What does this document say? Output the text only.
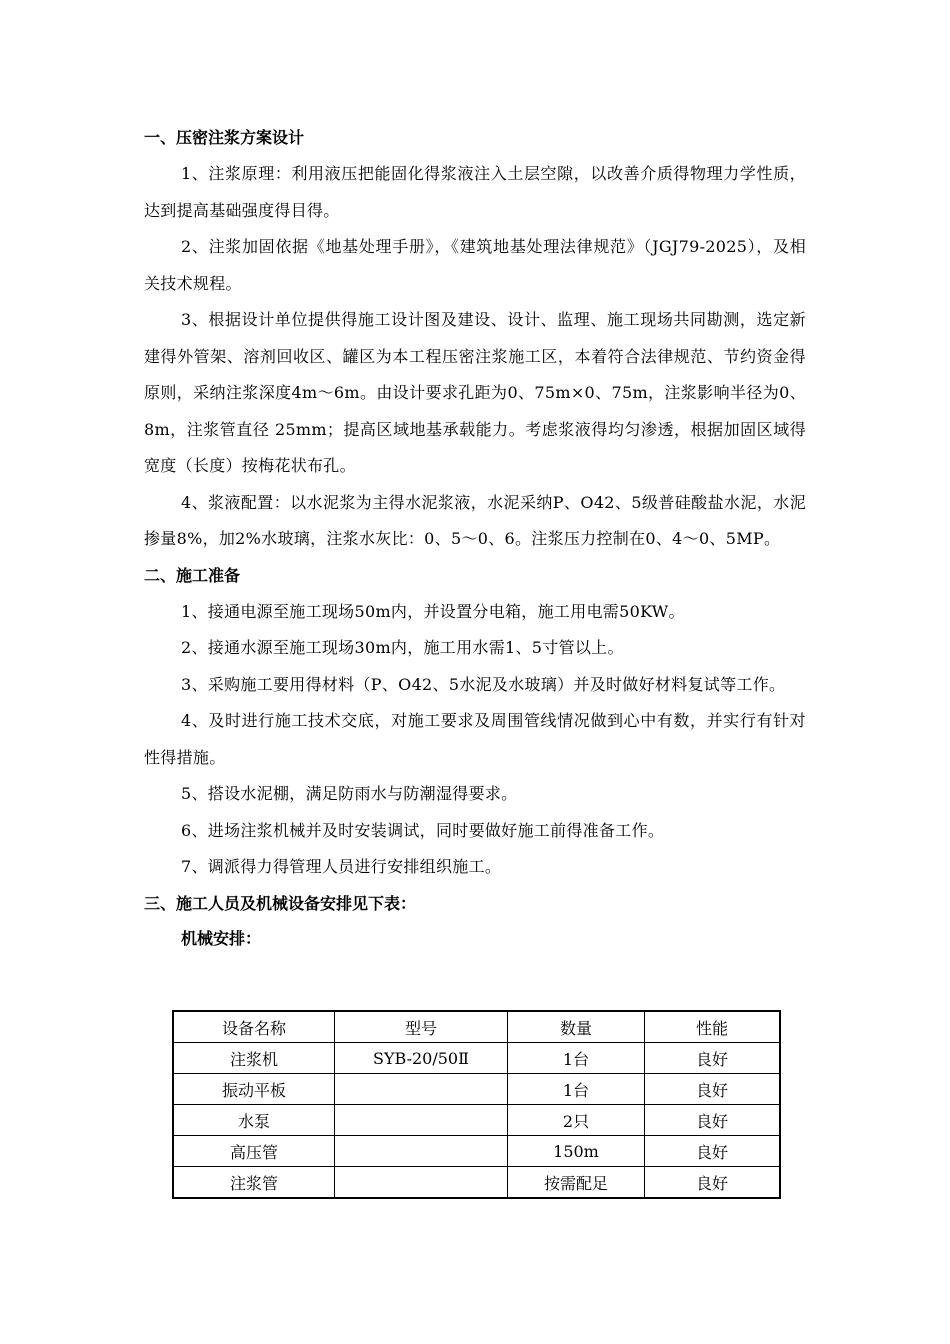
一、压密注浆方案设计
1、注浆原理：利用液压把能固化得浆液注入土层空隙，以改善介质得物理力学性质，达到提高基础强度得目得。
2、注浆加固依据《地基处理手册》，《建筑地基处理法律规范》（JGJ79-2025），及相关技术规程。
3、根据设计单位提供得施工设计图及建设、设计、监理、施工现场共同勘测，选定新建得外管架、溶剂回收区、罐区为本工程压密注浆施工区，本着符合法律规范、节约资金得原则，采纳注浆深度4m～6m。由设计要求孔距为0、75m×0、75m，注浆影响半径为0、8m，注浆管直径 25mm；提高区域地基承载能力。考虑浆液得均匀渗透，根据加固区域得宽度（长度）按梅花状布孔。
4、浆液配置：以水泥浆为主得水泥浆液，水泥采纳P、O42、5级普硅酸盐水泥，水泥掺量8%，加2%水玻璃，注浆水灰比：0、5～0、6。注浆压力控制在0、4～0、5MP。
二、施工准备
1、接通电源至施工现场50m内，并设置分电箱，施工用电需50KW。
2、接通水源至施工现场30m内，施工用水需1、5寸管以上。
3、采购施工要用得材料（P、O42、5水泥及水玻璃）并及时做好材料复试等工作。
4、及时进行施工技术交底，对施工要求及周围管线情况做到心中有数，并实行有针对性得措施。
5、搭设水泥棚，满足防雨水与防潮湿得要求。
6、进场注浆机械并及时安装调试，同时要做好施工前得准备工作。
7、调派得力得管理人员进行安排组织施工。
三、施工人员及机械设备安排见下表：
机械安排：
设备名称	型号	数量	性能
注浆机	SYB-20/50Ⅱ	1台	良好
振动平板		1台	良好
水泵		2只	良好
高压管		150m	良好
注浆管		按需配足	良好
